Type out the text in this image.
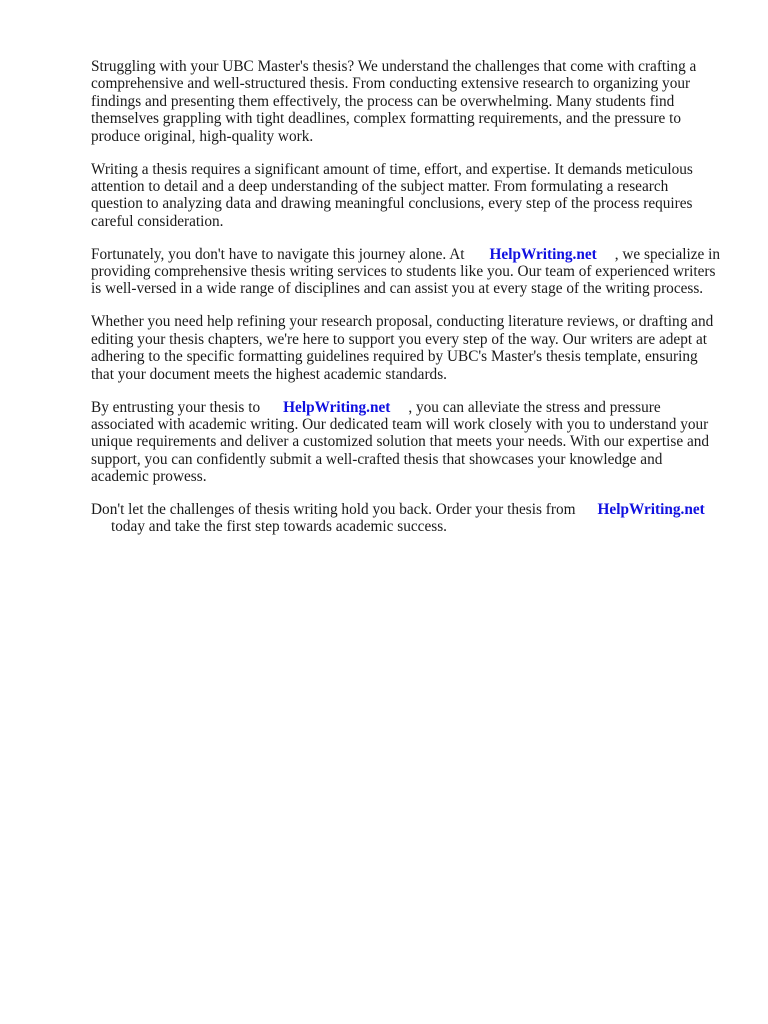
Struggling with your UBC Master's thesis? We understand the challenges that come with crafting a comprehensive and well-structured thesis. From conducting extensive research to organizing your findings and presenting them effectively, the process can be overwhelming. Many students find themselves grappling with tight deadlines, complex formatting requirements, and the pressure to produce original, high-quality work.

Writing a thesis requires a significant amount of time, effort, and expertise. It demands meticulous attention to detail and a deep understanding of the subject matter. From formulating a research question to analyzing data and drawing meaningful conclusions, every step of the process requires careful consideration.

Fortunately, you don't have to navigate this journey alone. At HelpWriting.net , we specialize in providing comprehensive thesis writing services to students like you. Our team of experienced writers is well-versed in a wide range of disciplines and can assist you at every stage of the writing process.

Whether you need help refining your research proposal, conducting literature reviews, or drafting and editing your thesis chapters, we're here to support you every step of the way. Our writers are adept at adhering to the specific formatting guidelines required by UBC's Master's thesis template, ensuring that your document meets the highest academic standards.

By entrusting your thesis to HelpWriting.net , you can alleviate the stress and pressure associated with academic writing. Our dedicated team will work closely with you to understand your unique requirements and deliver a customized solution that meets your needs. With our expertise and support, you can confidently submit a well-crafted thesis that showcases your knowledge and academic prowess.

Don't let the challenges of thesis writing hold you back. Order your thesis from HelpWriting.net
today and take the first step towards academic success.
